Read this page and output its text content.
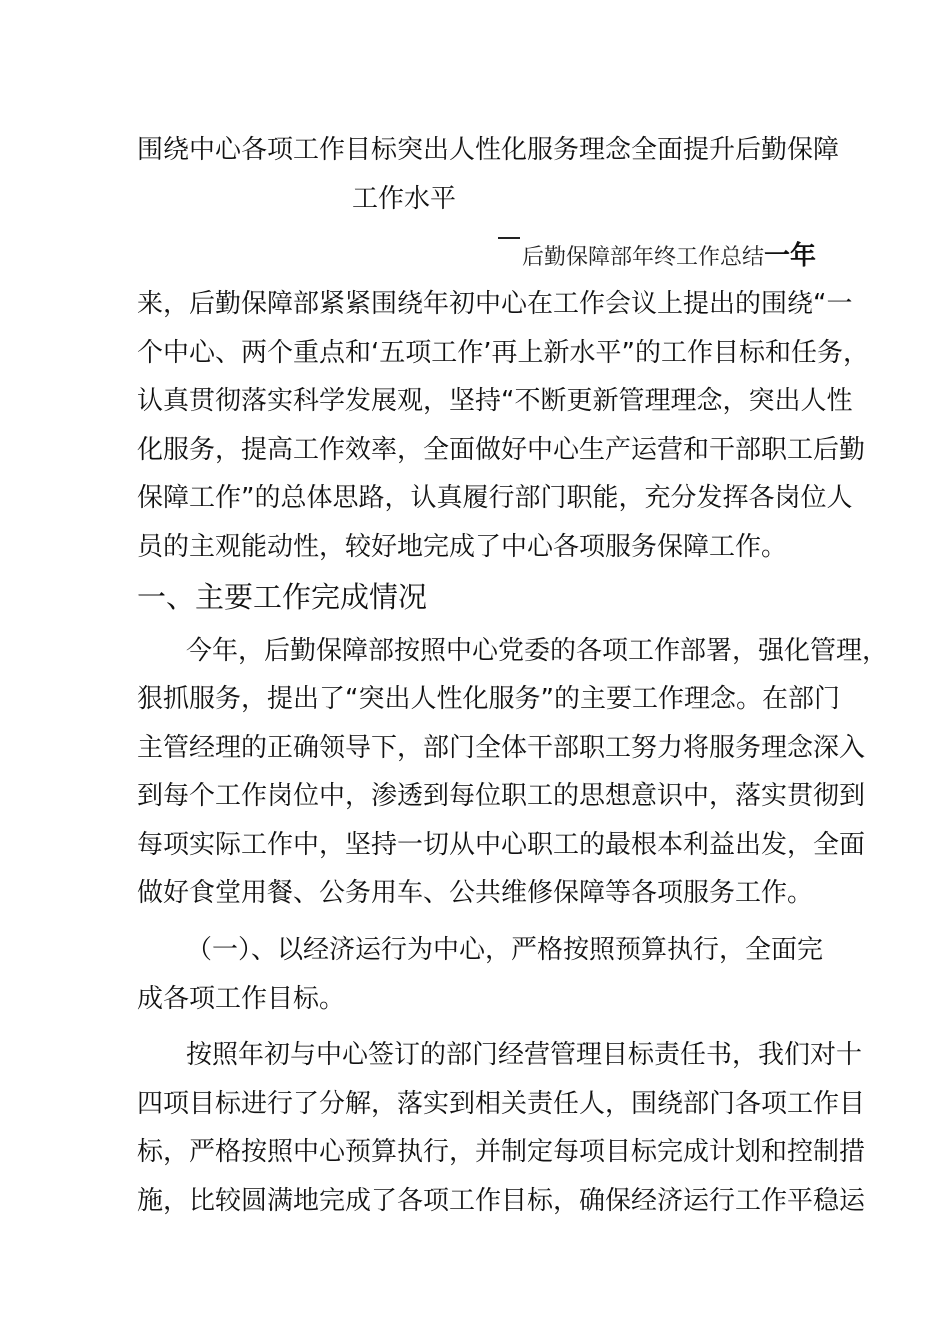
围绕中心各项工作目标突出人性化服务理念全面提升后勤保障
工作水平
后勤保障部年终工作总结一年
来，后勤保障部紧紧围绕年初中心在工作会议上提出的围绕“一
个中心、两个重点和‘五项工作’再上新水平”的工作目标和任务，
认真贯彻落实科学发展观，坚持“不断更新管理理念，突出人性
化服务，提高工作效率，全面做好中心生产运营和干部职工后勤
保障工作”的总体思路，认真履行部门职能，充分发挥各岗位人
员的主观能动性，较好地完成了中心各项服务保障工作。
一、主要工作完成情况
今年，后勤保障部按照中心党委的各项工作部署，强化管理，
狠抓服务，提出了“突出人性化服务”的主要工作理念。在部门
主管经理的正确领导下，部门全体干部职工努力将服务理念深入
到每个工作岗位中，渗透到每位职工的思想意识中，落实贯彻到
每项实际工作中，坚持一切从中心职工的最根本利益出发，全面
做好食堂用餐、公务用车、公共维修保障等各项服务工作。
（一）、以经济运行为中心，严格按照预算执行，全面完
成各项工作目标。
按照年初与中心签订的部门经营管理目标责任书，我们对十
四项目标进行了分解，落实到相关责任人，围绕部门各项工作目
标，严格按照中心预算执行，并制定每项目标完成计划和控制措
施，比较圆满地完成了各项工作目标，确保经济运行工作平稳运
